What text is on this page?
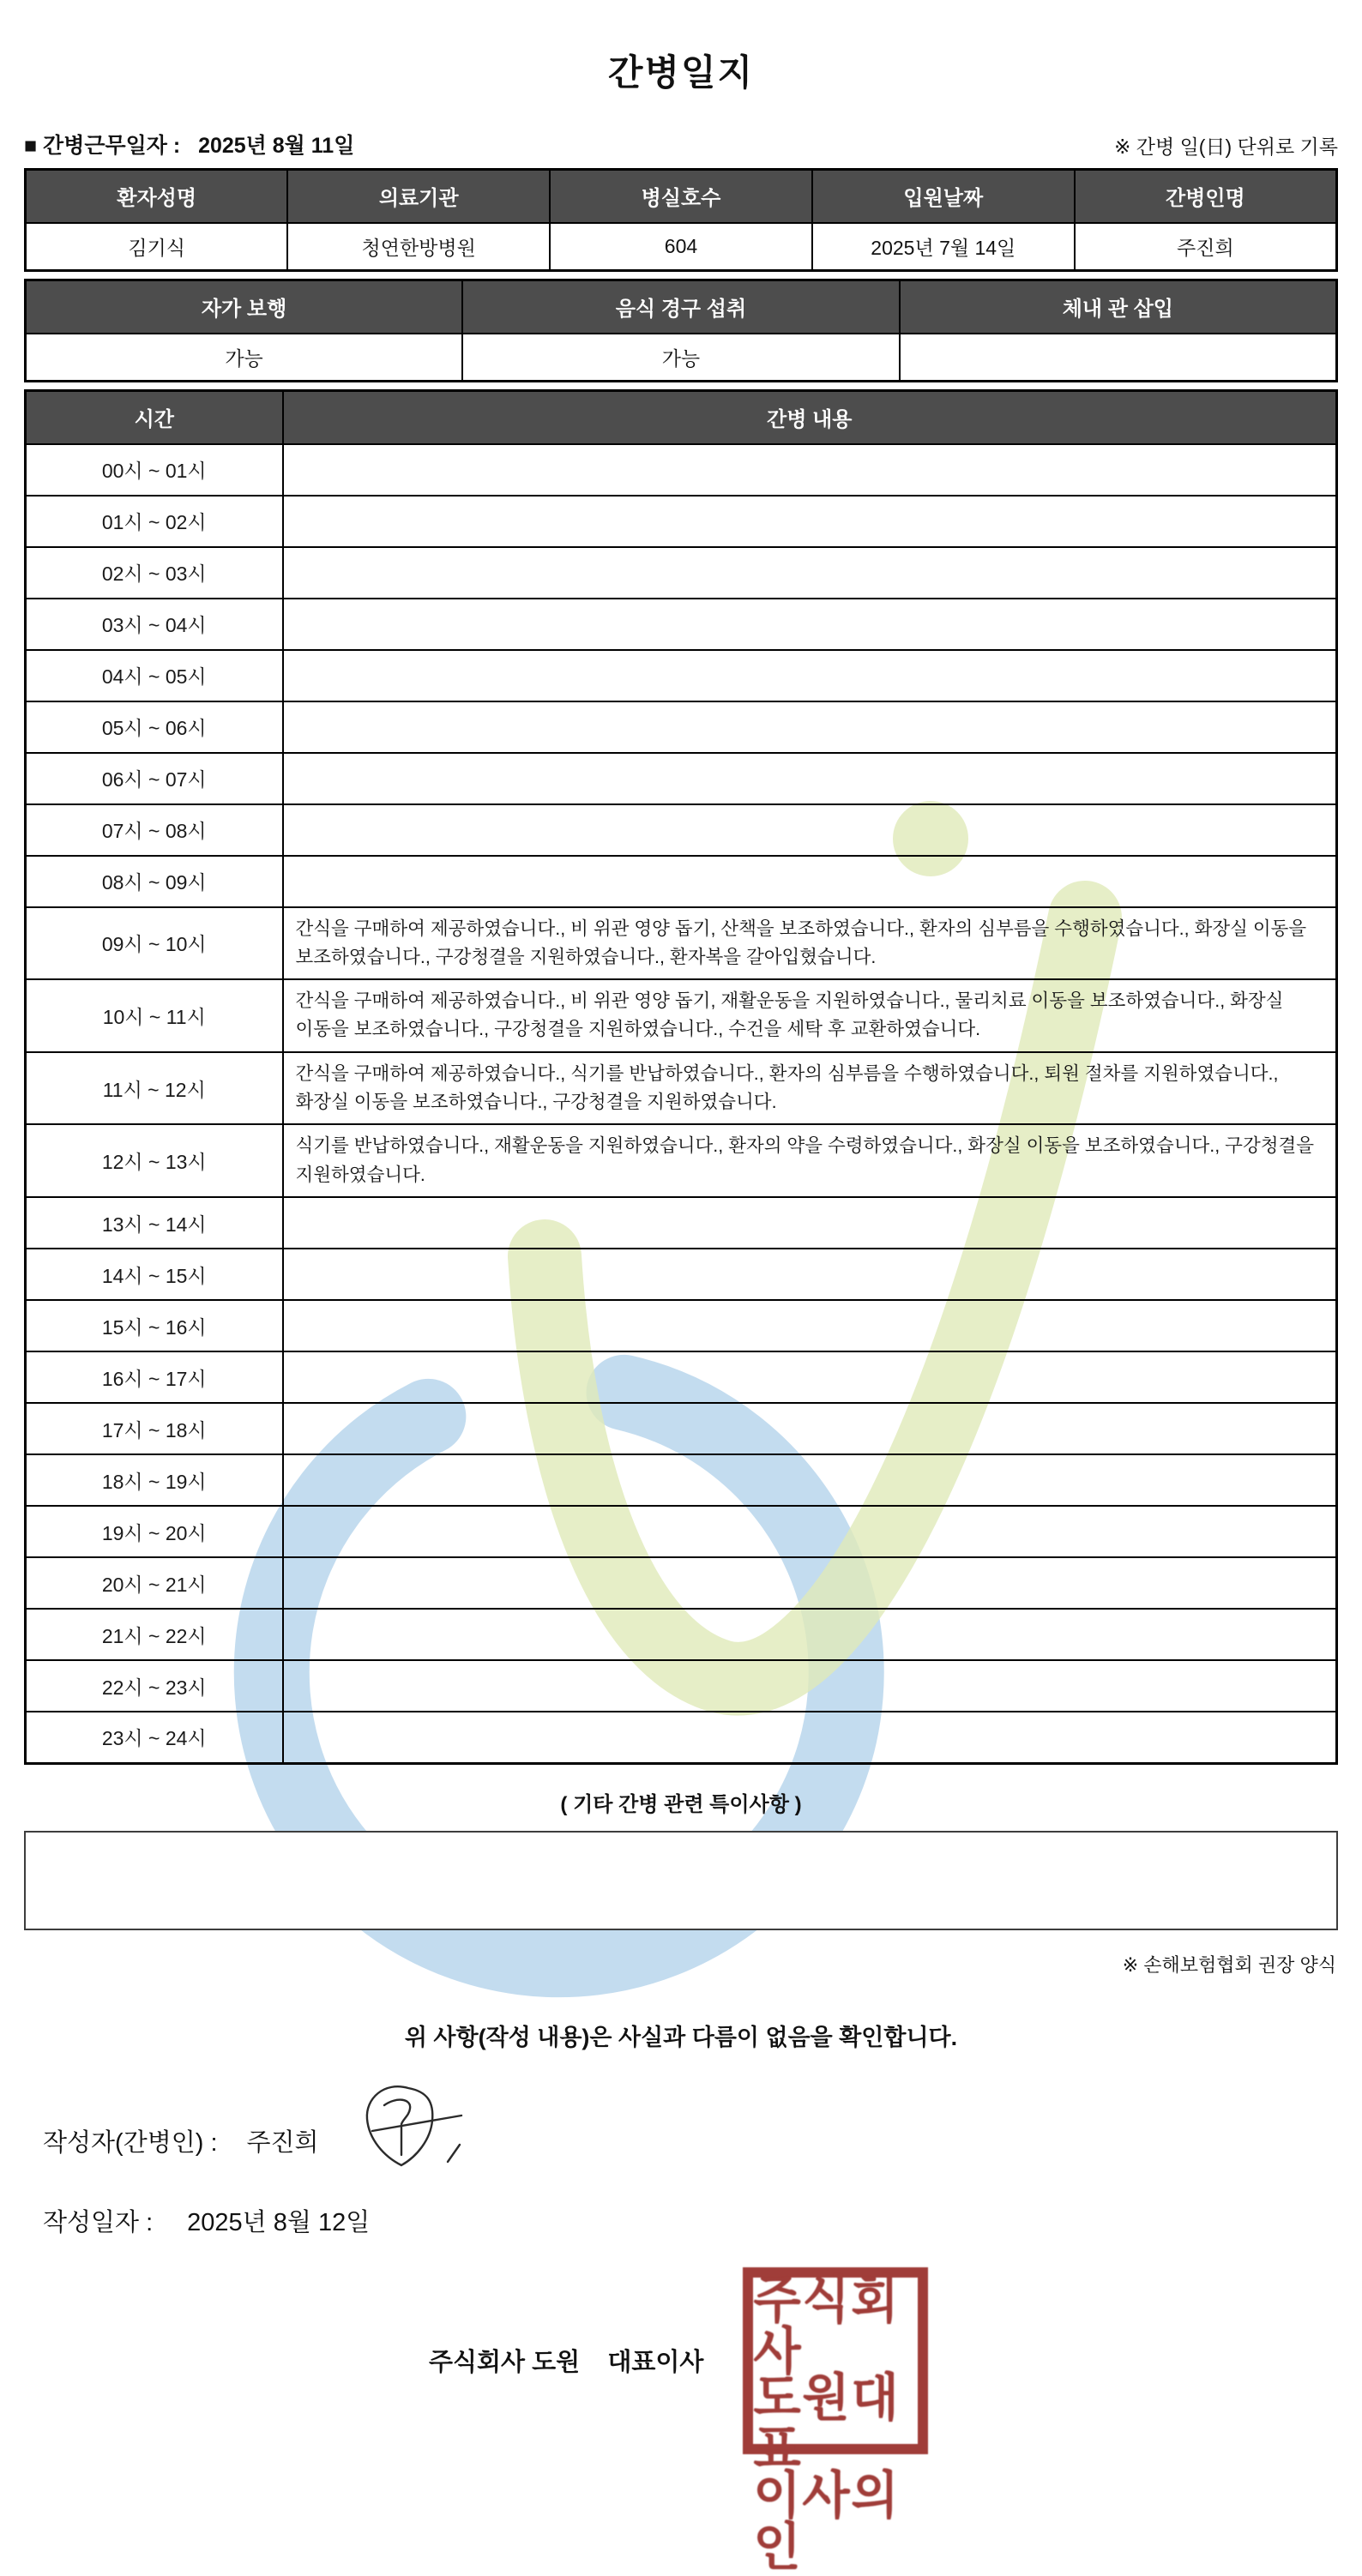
간병일지
■ 간병근무일자 : 2025년 8월 11일	※ 간병 일(日) 단위로 기록
환자성명	의료기관	병실호수	입원날짜	간병인명
김기식	청연한방병원	604	2025년 7월 14일	주진희
자가 보행	음식 경구 섭취	체내 관 삽입
가능	가능	
시간	간병 내용
00시 ~ 01시	
01시 ~ 02시	
02시 ~ 03시	
03시 ~ 04시	
04시 ~ 05시	
05시 ~ 06시	
06시 ~ 07시	
07시 ~ 08시	
08시 ~ 09시	
09시 ~ 10시	간식을 구매하여 제공하였습니다., 비 위관 영양 돕기, 산책을 보조하였습니다., 환자의 심부름을 수행하였습니다., 화장실 이동을 보조하였습니다., 구강청결을 지원하였습니다., 환자복을 갈아입혔습니다.
10시 ~ 11시	간식을 구매하여 제공하였습니다., 비 위관 영양 돕기, 재활운동을 지원하였습니다., 물리치료 이동을 보조하였습니다., 화장실 이동을 보조하였습니다., 구강청결을 지원하였습니다., 수건을 세탁 후 교환하였습니다.
11시 ~ 12시	간식을 구매하여 제공하였습니다., 식기를 반납하였습니다., 환자의 심부름을 수행하였습니다., 퇴원 절차를 지원하였습니다., 화장실 이동을 보조하였습니다., 구강청결을 지원하였습니다.
12시 ~ 13시	식기를 반납하였습니다., 재활운동을 지원하였습니다., 환자의 약을 수령하였습니다., 화장실 이동을 보조하였습니다., 구강청결을 지원하였습니다.
13시 ~ 14시	
14시 ~ 15시	
15시 ~ 16시	
16시 ~ 17시	
17시 ~ 18시	
18시 ~ 19시	
19시 ~ 20시	
20시 ~ 21시	
21시 ~ 22시	
22시 ~ 23시	
23시 ~ 24시	
( 기타 간병 관련 특이사항 )
※ 손해보험협회 권장 양식
위 사항(작성 내용)은 사실과 다름이 없음을 확인합니다.
작성자(간병인) : 주진희
작성일자 : 2025년 8월 12일
주식회사 도원    대표이사
주식회사
도원대표
이사의인
